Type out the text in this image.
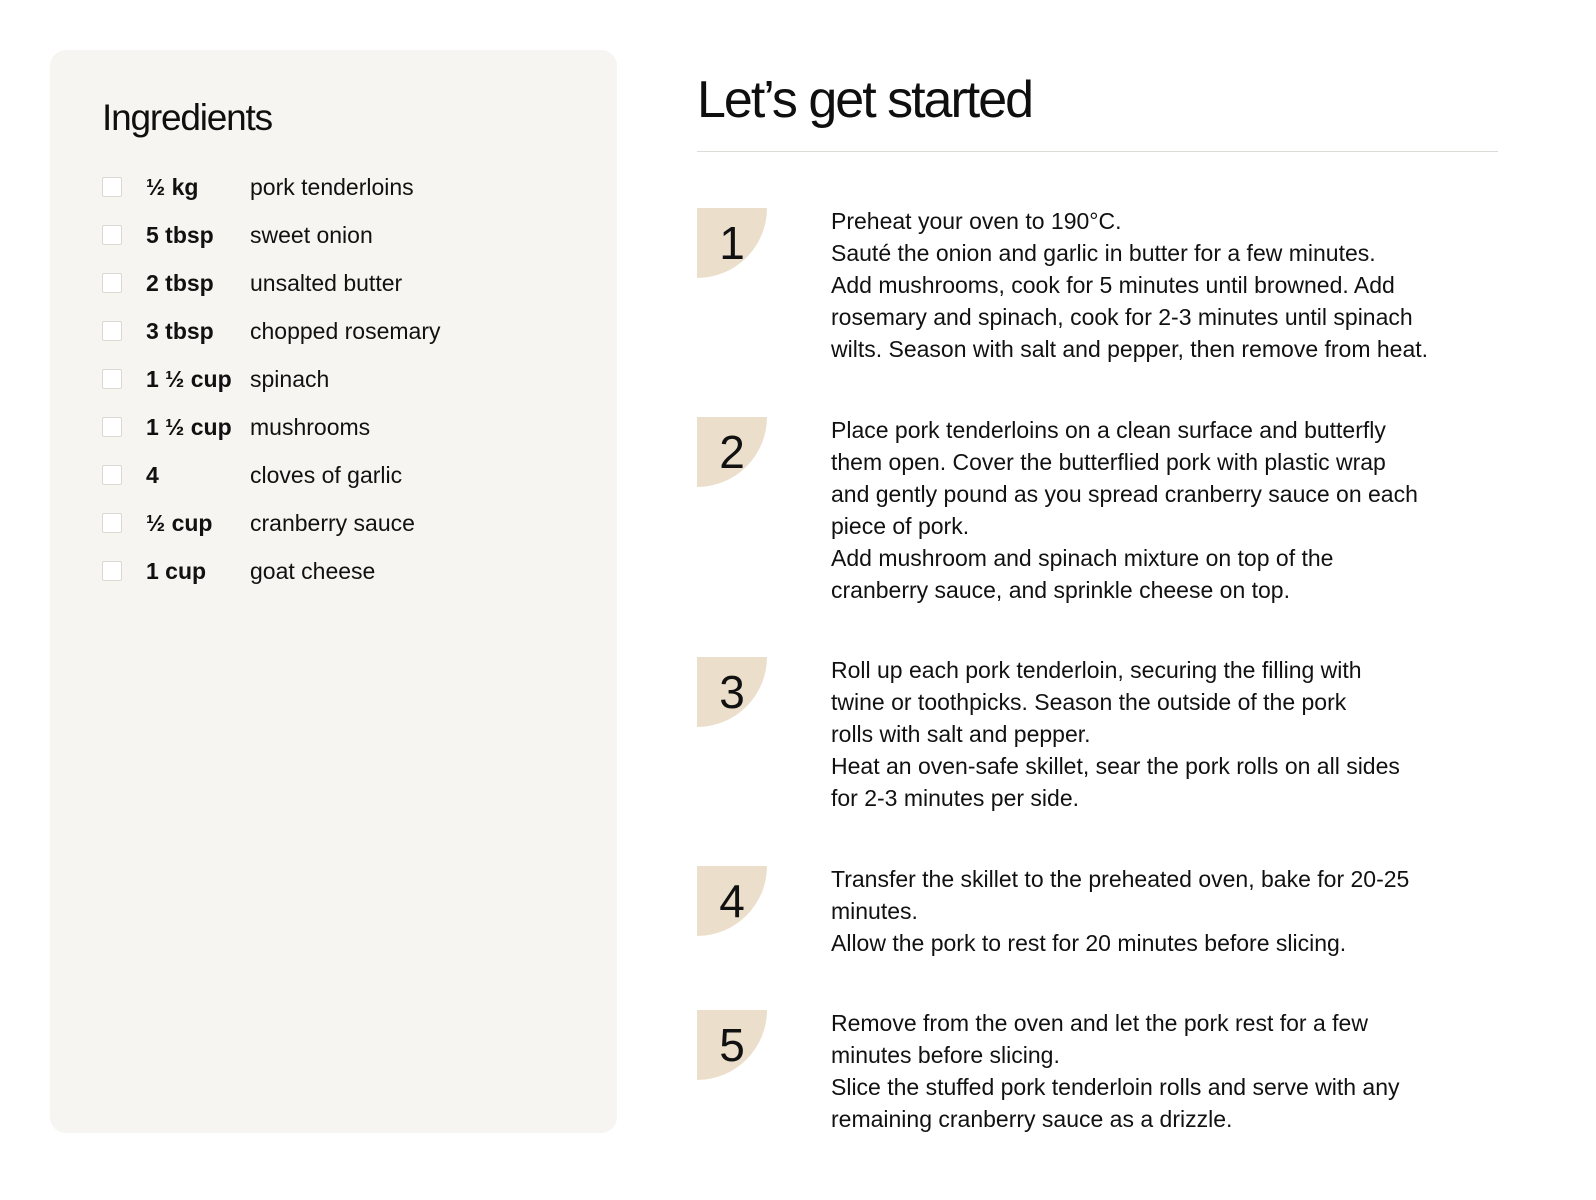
Ingredients
½ kg	pork tenderloins
5 tbsp	sweet onion
2 tbsp	unsalted butter
3 tbsp	chopped rosemary
1 ½ cup spinach
1 ½ cup mushrooms
4	cloves of garlic
½ cup	cranberry sauce
1 cup	goat cheese
Let’s get started
1	Preheat your oven to 190°C.

Sauté the onion and garlic in butter for a few minutes.

Add mushrooms, cook for 5 minutes until browned. Add

rosemary and spinach, cook for 2-3 minutes until spinach

wilts. Season with salt and pepper, then remove from heat.

2	Place pork tenderloins on a clean surface and butterfly

them open. Cover the butterflied pork with plastic wrap

and gently pound as you spread cranberry sauce on each

piece of pork.

Add mushroom and spinach mixture on top of the

cranberry sauce, and sprinkle cheese on top.

3	Roll up each pork tenderloin, securing the filling with

twine or toothpicks. Season the outside of the pork

rolls with salt and pepper.

Heat an oven-safe skillet, sear the pork rolls on all sides

for 2-3 minutes per side.

4	Transfer the skillet to the preheated oven, bake for 20-25

minutes.

Allow the pork to rest for 20 minutes before slicing.

5	Remove from the oven and let the pork rest for a few

minutes before slicing.

Slice the stuffed pork tenderloin rolls and serve with any

remaining cranberry sauce as a drizzle.
